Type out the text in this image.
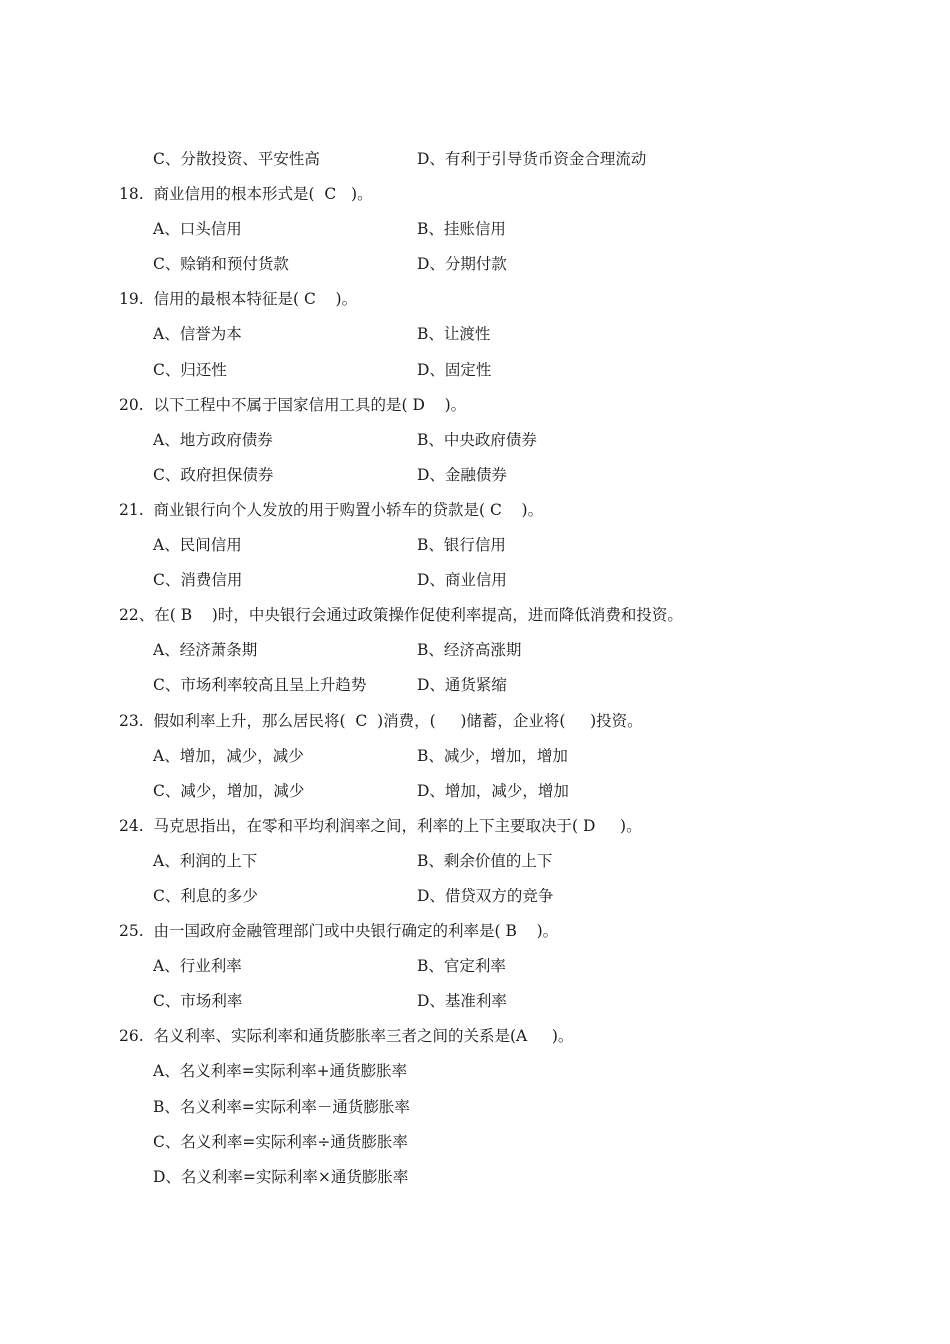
C、分散投资、平安性高	D、有利于引导货币资金合理流动
18.  商业信用的根本形式是(  C   )。
A、口头信用	B、挂账信用
C、赊销和预付货款	D、分期付款
19.  信用的最根本特征是( C    )。
A、信誉为本	B、让渡性
C、归还性	D、固定性
20.  以下工程中不属于国家信用工具的是( D    )。
A、地方政府债券	B、中央政府债券
C、政府担保债券	D、金融债券
21.  商业银行向个人发放的用于购置小轿车的贷款是( C    )。
A、民间信用	B、银行信用
C、消费信用	D、商业信用
22、在( B    )时，中央银行会通过政策操作促使利率提高，进而降低消费和投资。
A、经济萧条期	B、经济高涨期
C、市场利率较高且呈上升趋势	D、通货紧缩
23.  假如利率上升，那么居民将(  C  )消费，(     )储蓄，企业将(     )投资。
A、增加，减少，减少	B、减少，增加，增加
C、减少，增加，减少	D、增加，减少，增加
24.  马克思指出，在零和平均利润率之间，利率的上下主要取决于( D     )。
A、利润的上下	B、剩余价值的上下
C、利息的多少	D、借贷双方的竞争
25.  由一国政府金融管理部门或中央银行确定的利率是( B    )。
A、行业利率	B、官定利率
C、市场利率	D、基准利率
26.  名义利率、实际利率和通货膨胀率三者之间的关系是(A     )。
A、名义利率=实际利率+通货膨胀率
B、名义利率=实际利率－通货膨胀率
C、名义利率=实际利率÷通货膨胀率
D、名义利率=实际利率×通货膨胀率
